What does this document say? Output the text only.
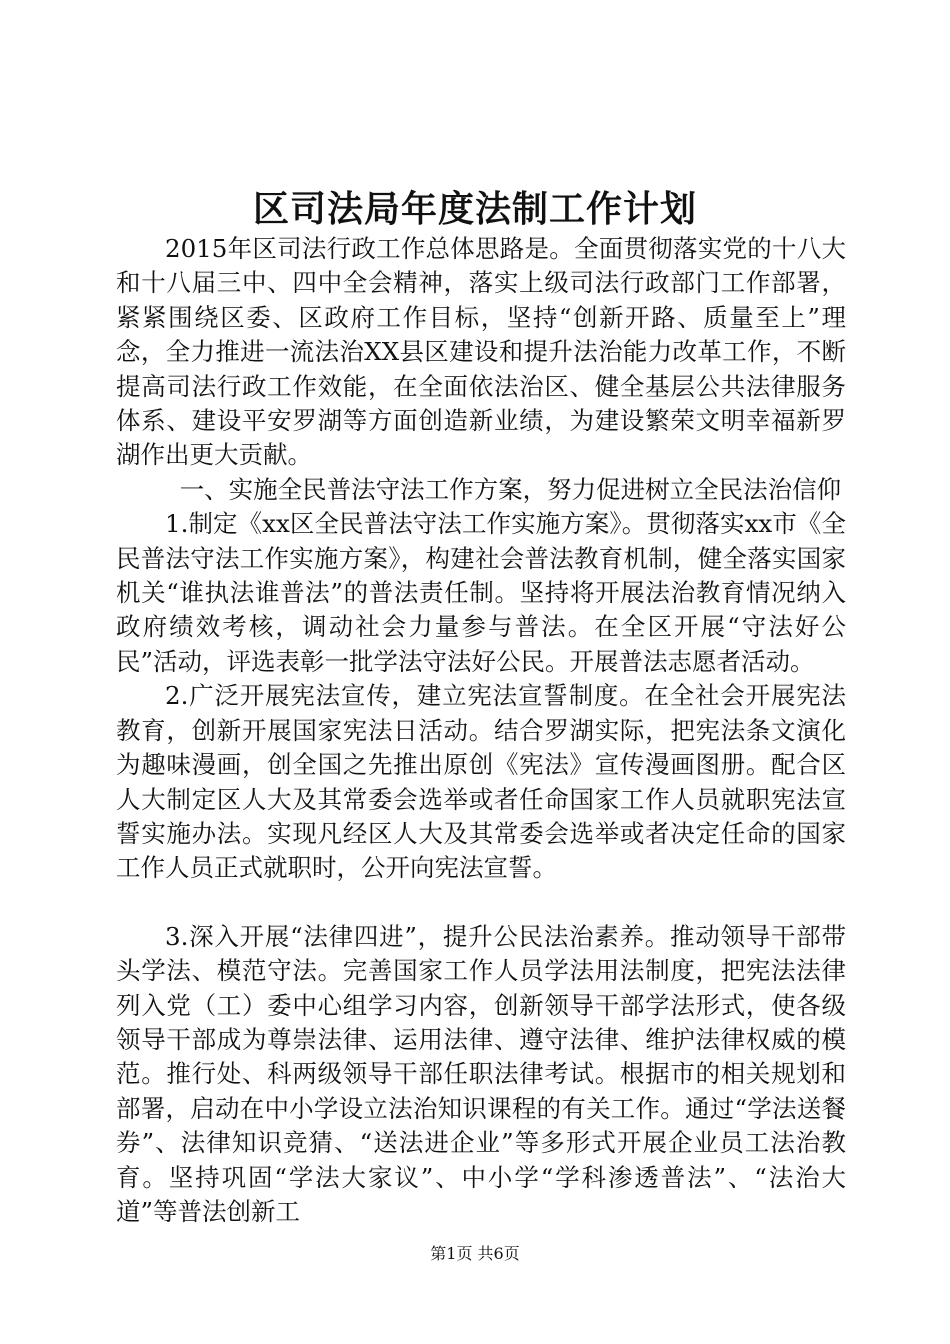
区司法局年度法制工作计划

2015年区司法行政工作总体思路是。全面贯彻落实党的十八大和十八届三中、四中全会精神，落实上级司法行政部门工作部署，紧紧围绕区委、区政府工作目标，坚持“创新开路、质量至上”理念，全力推进一流法治XX县区建设和提升法治能力改革工作，不断提高司法行政工作效能，在全面依法治区、健全基层公共法律服务体系、建设平安罗湖等方面创造新业绩，为建设繁荣文明幸福新罗湖作出更大贡献。

一、实施全民普法守法工作方案，努力促进树立全民法治信仰

1.制定《xx区全民普法守法工作实施方案》。贯彻落实xx市《全民普法守法工作实施方案》，构建社会普法教育机制，健全落实国家机关“谁执法谁普法”的普法责任制。坚持将开展法治教育情况纳入政府绩效考核，调动社会力量参与普法。在全区开展“守法好公民”活动，评选表彰一批学法守法好公民。开展普法志愿者活动。

2.广泛开展宪法宣传，建立宪法宣誓制度。在全社会开展宪法教育，创新开展国家宪法日活动。结合罗湖实际，把宪法条文演化为趣味漫画，创全国之先推出原创《宪法》宣传漫画图册。配合区人大制定区人大及其常委会选举或者任命国家工作人员就职宪法宣誓实施办法。实现凡经区人大及其常委会选举或者决定任命的国家工作人员正式就职时，公开向宪法宣誓。

3.深入开展“法律四进”，提升公民法治素养。推动领导干部带头学法、模范守法。完善国家工作人员学法用法制度，把宪法法律列入党（工）委中心组学习内容，创新领导干部学法形式，使各级领导干部成为尊崇法律、运用法律、遵守法律、维护法律权威的模范。推行处、科两级领导干部任职法律考试。根据市的相关规划和部署，启动在中小学设立法治知识课程的有关工作。通过“学法送餐券”、法律知识竞猜、“送法进企业”等多形式开展企业员工法治教育。坚持巩固“学法大家议”、中小学“学科渗透普法”、“法治大道”等普法创新工

第1页 共6页
